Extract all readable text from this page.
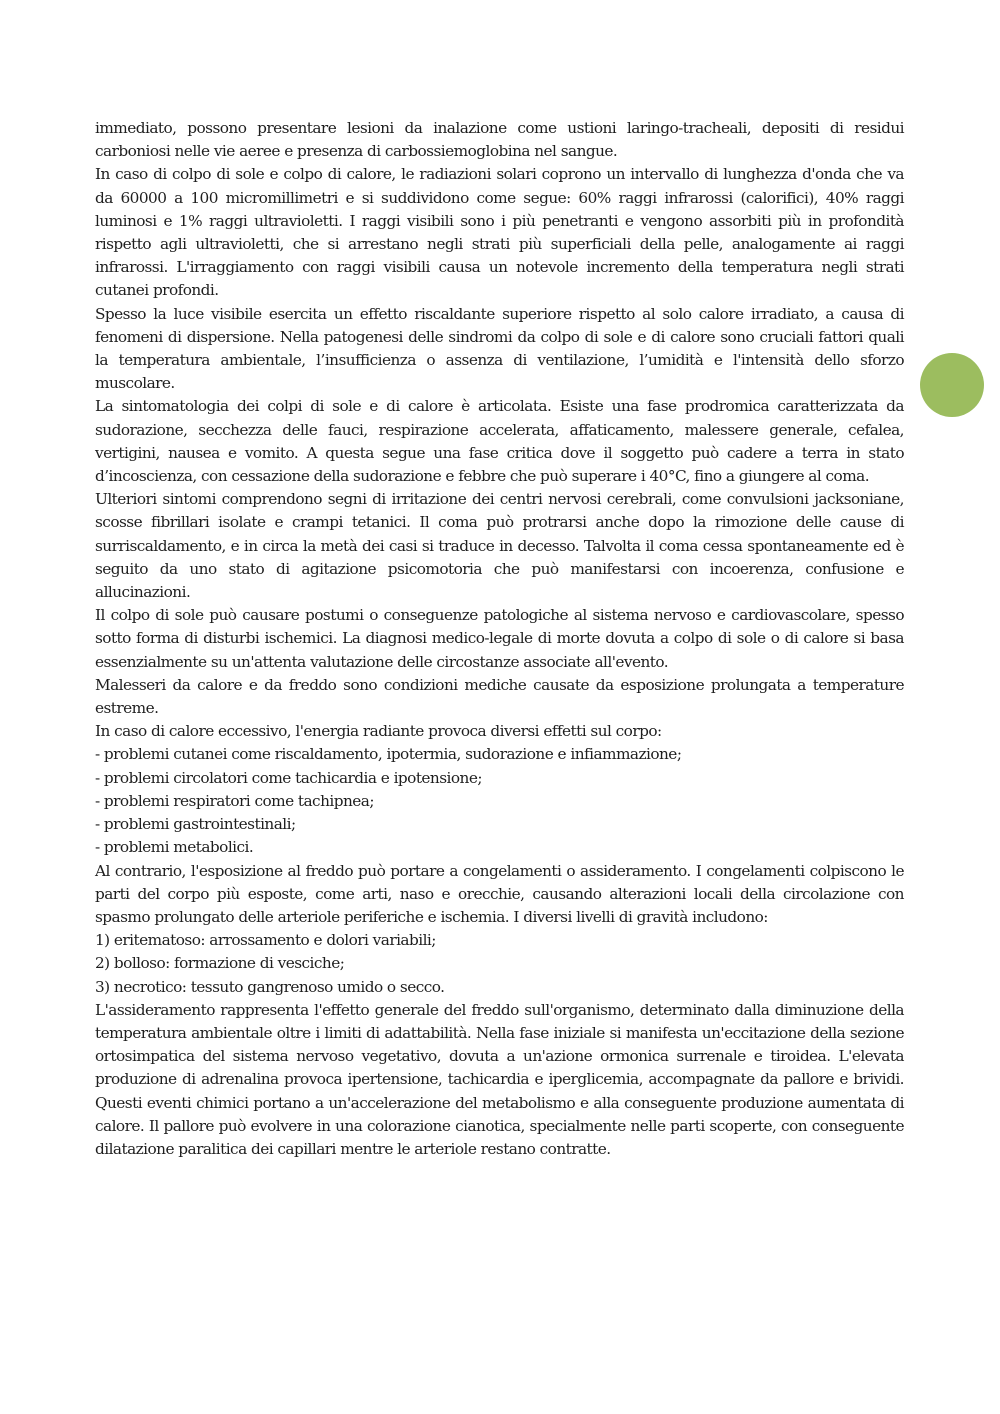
immediato, possono presentare lesioni da inalazione come ustioni laringo-tracheali, depositi di residui carboniosi nelle vie aeree e presenza di carbossiemoglobina nel sangue.

In caso di colpo di sole e colpo di calore, le radiazioni solari coprono un intervallo di lunghezza d'onda che va da 60000 a 100 micromillimetri e si suddividono come segue: 60% raggi infrarossi (calorifici), 40% raggi luminosi e 1% raggi ultravioletti. I raggi visibili sono i più penetranti e vengono assorbiti più in profondità rispetto agli ultravioletti, che si arrestano negli strati più superficiali della pelle, analogamente ai raggi infrarossi. L'irraggiamento con raggi visibili causa un notevole incremento della temperatura negli strati cutanei profondi.

Spesso la luce visibile esercita un effetto riscaldante superiore rispetto al solo calore irradiato, a causa di fenomeni di dispersione. Nella patogenesi delle sindromi da colpo di sole e di calore sono cruciali fattori quali la temperatura ambientale, l’insufficienza o assenza di ventilazione, l’umidità e l'intensità dello sforzo muscolare.

La sintomatologia dei colpi di sole e di calore è articolata. Esiste una fase prodromica caratterizzata da sudorazione, secchezza delle fauci, respirazione accelerata, affaticamento, malessere generale, cefalea, vertigini, nausea e vomito. A questa segue una fase critica dove il soggetto può cadere a terra in stato d’incoscienza, con cessazione della sudorazione e febbre che può superare i 40°C, fino a giungere al coma.

Ulteriori sintomi comprendono segni di irritazione dei centri nervosi cerebrali, come convulsioni jacksoniane, scosse fibrillari isolate e crampi tetanici. Il coma può protrarsi anche dopo la rimozione delle cause di surriscaldamento, e in circa la metà dei casi si traduce in decesso. Talvolta il coma cessa spontaneamente ed è seguito da uno stato di agitazione psicomotoria che può manifestarsi con incoerenza, confusione e allucinazioni.

Il colpo di sole può causare postumi o conseguenze patologiche al sistema nervoso e cardiovascolare, spesso sotto forma di disturbi ischemici. La diagnosi medico-legale di morte dovuta a colpo di sole o di calore si basa essenzialmente su un'attenta valutazione delle circostanze associate all'evento.

Malesseri da calore e da freddo sono condizioni mediche causate da esposizione prolungata a temperature estreme.

In caso di calore eccessivo, l'energia radiante provoca diversi effetti sul corpo:

- problemi cutanei come riscaldamento, ipotermia, sudorazione e infiammazione;

- problemi circolatori come tachicardia e ipotensione;

- problemi respiratori come tachipnea;

- problemi gastrointestinali;

- problemi metabolici.

Al contrario, l'esposizione al freddo può portare a congelamenti o assideramento. I congelamenti colpiscono le parti del corpo più esposte, come arti, naso e orecchie, causando alterazioni locali della circolazione con spasmo prolungato delle arteriole periferiche e ischemia. I diversi livelli di gravità includono:

1) eritematoso: arrossamento e dolori variabili;

2) bolloso: formazione di vesciche;

3) necrotico: tessuto gangrenoso umido o secco.

L'assideramento rappresenta l'effetto generale del freddo sull'organismo, determinato dalla diminuzione della temperatura ambientale oltre i limiti di adattabilità. Nella fase iniziale si manifesta un'eccitazione della sezione ortosimpatica del sistema nervoso vegetativo, dovuta a un'azione ormonica surrenale e tiroidea. L'elevata produzione di adrenalina provoca ipertensione, tachicardia e iperglicemia, accompagnate da pallore e brividi. Questi eventi chimici portano a un'accelerazione del metabolismo e alla conseguente produzione aumentata di calore. Il pallore può evolvere in una colorazione cianotica, specialmente nelle parti scoperte, con conseguente dilatazione paralitica dei capillari mentre le arteriole restano contratte.
